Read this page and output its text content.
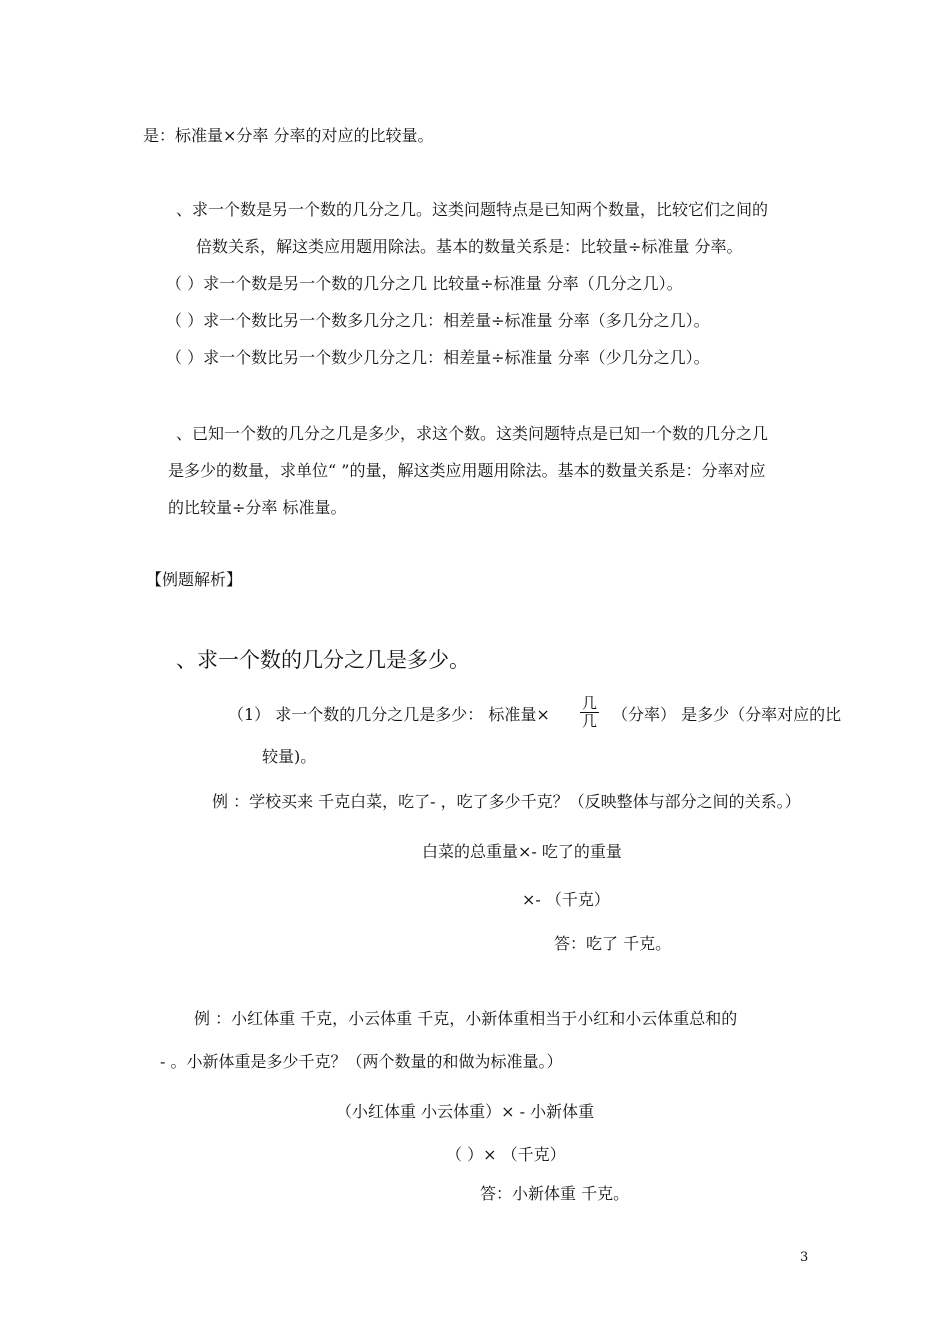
是：标准量×分率 分率的对应的比较量。
、求一个数是另一个数的几分之几。这类问题特点是已知两个数量，比较它们之间的
倍数关系，解这类应用题用除法。基本的数量关系是：比较量÷标准量 分率。
（ ）求一个数是另一个数的几分之几 比较量÷标准量 分率（几分之几）。
（ ）求一个数比另一个数多几分之几：相差量÷标准量 分率（多几分之几）。
（ ）求一个数比另一个数少几分之几：相差量÷标准量 分率（少几分之几）。
、已知一个数的几分之几是多少，求这个数。这类问题特点是已知一个数的几分之几
是多少的数量，求单位“ ”的量，解这类应用题用除法。基本的数量关系是：分率对应
的比较量÷分率 标准量。
【例题解析】
、求一个数的几分之几是多少。
（1） 求一个数的几分之几是多少： 标准量×
几
几 （分率） 是多少（分率对应的比
较量)。
例 ：学校买来 千克白菜，吃了- ，吃了多少千克？（反映整体与部分之间的关系。）
白菜的总重量×- 吃了的重量
×- （千克）
答：吃了 千克。
例 ：小红体重 千克，小云体重 千克，小新体重相当于小红和小云体重总和的
- 。小新体重是多少千克？（两个数量的和做为标准量。）
（小红体重 小云体重）× - 小新体重
（ ）× （千克）
答：小新体重 千克。
3
